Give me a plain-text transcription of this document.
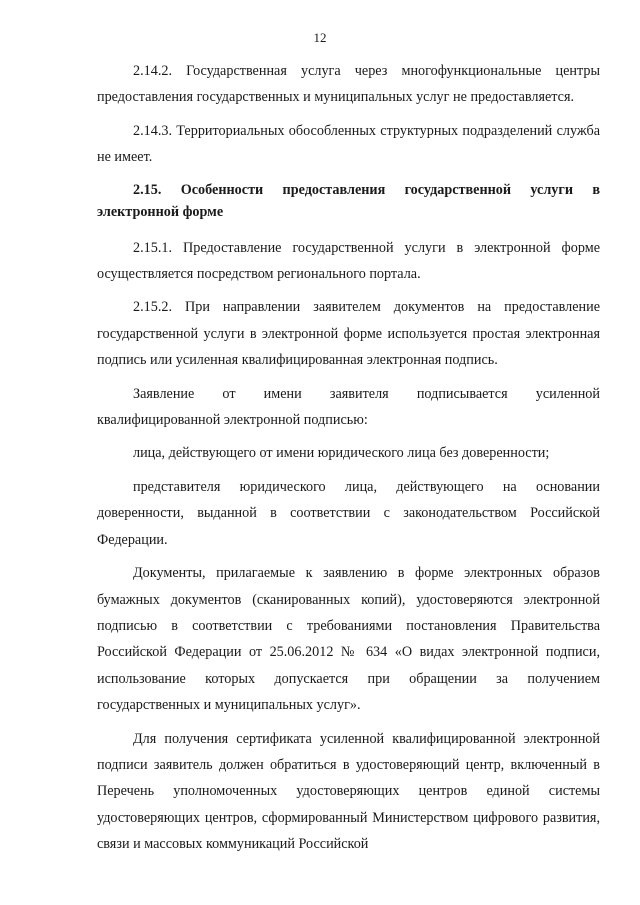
12

2.14.2. Государственная услуга через многофункциональные центры предоставления государственных и муниципальных услуг не предоставляется.

2.14.3. Территориальных обособленных структурных подразделений служба не имеет.

2.15. Особенности предоставления государственной услуги в электронной форме

2.15.1. Предоставление государственной услуги в электронной форме осуществляется посредством регионального портала.

2.15.2. При направлении заявителем документов на предоставление государственной услуги в электронной форме используется простая электронная подпись или усиленная квалифицированная электронная подпись.

Заявление от имени заявителя подписывается усиленной квалифицированной электронной подписью:

лица, действующего от имени юридического лица без доверенности;

представителя юридического лица, действующего на основании доверенности, выданной в соответствии с законодательством Российской Федерации.

Документы, прилагаемые к заявлению в форме электронных образов бумажных документов (сканированных копий), удостоверяются электронной подписью в соответствии с требованиями постановления Правительства Российской Федерации от 25.06.2012 № 634 «О видах электронной подписи, использование которых допускается при обращении за получением государственных и муниципальных услуг».

Для получения сертификата усиленной квалифицированной электронной подписи заявитель должен обратиться в удостоверяющий центр, включенный в Перечень уполномоченных удостоверяющих центров единой системы удостоверяющих центров, сформированный Министерством цифрового развития, связи и массовых коммуникаций Российской
